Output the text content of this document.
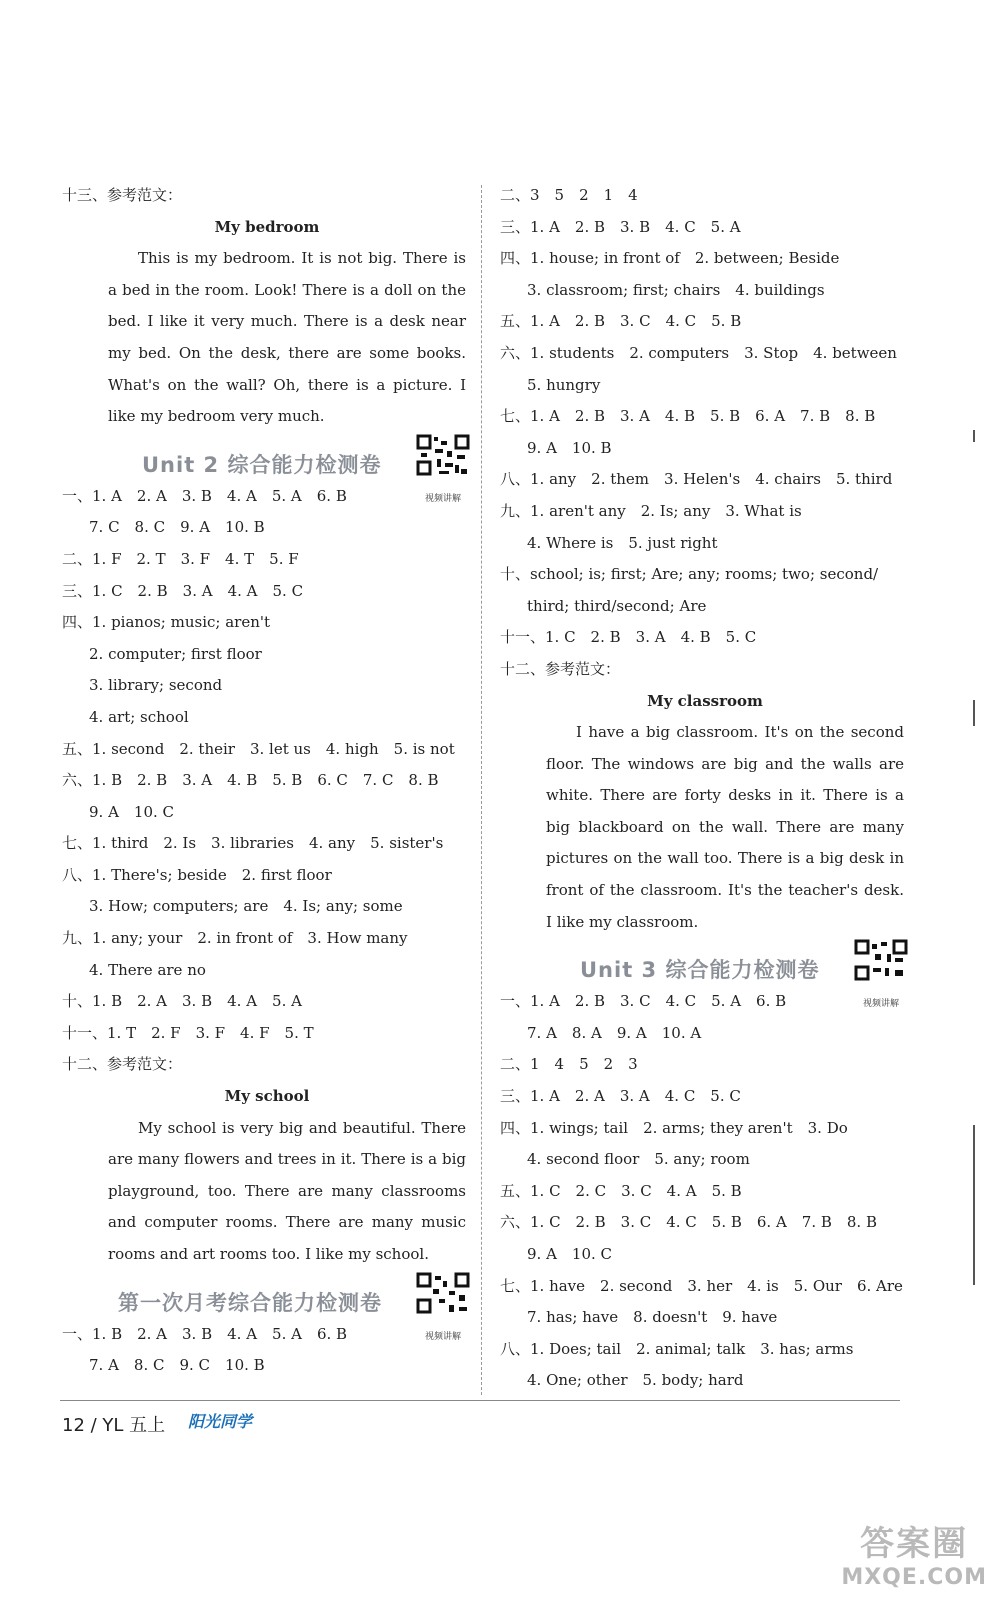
十三、参考范文：
My bedroom
This is my bedroom. It is not big. There is a bed in the room. Look! There is a doll on the bed. I like it very much. There is a desk near my bed. On the desk, there are some books. What's on the wall? Oh, there is a picture. I like my bedroom very much.
Unit 2 综合能力检测卷
视频讲解
一、1. A　2. A　3. B　4. A　5. A　6. B
7. C　8. C　9. A　10. B
二、1. F　2. T　3. F　4. T　5. F
三、1. C　2. B　3. A　4. A　5. C
四、1. pianos; music; aren't
2. computer; first floor
3. library; second
4. art; school
五、1. second　2. their　3. let us　4. high　5. is not
六、1. B　2. B　3. A　4. B　5. B　6. C　7. C　8. B
9. A　10. C
七、1. third　2. Is　3. libraries　4. any　5. sister's
八、1. There's; beside　2. first floor
3. How; computers; are　4. Is; any; some
九、1. any; your　2. in front of　3. How many
4. There are no
十、1. B　2. A　3. B　4. A　5. A
十一、1. T　2. F　3. F　4. F　5. T
十二、参考范文：
My school
My school is very big and beautiful. There are many flowers and trees in it. There is a big playground, too. There are many classrooms and computer rooms. There are many music rooms and art rooms too. I like my school.
第一次月考综合能力检测卷
视频讲解
一、1. B　2. A　3. B　4. A　5. A　6. B
7. A　8. C　9. C　10. B
二、3　5　2　1　4
三、1. A　2. B　3. B　4. C　5. A
四、1. house; in front of　2. between; Beside
3. classroom; first; chairs　4. buildings
五、1. A　2. B　3. C　4. C　5. B
六、1. students　2. computers　3. Stop　4. between
5. hungry
七、1. A　2. B　3. A　4. B　5. B　6. A　7. B　8. B
9. A　10. B
八、1. any　2. them　3. Helen's　4. chairs　5. third
九、1. aren't any　2. Is; any　3. What is
4. Where is　5. just right
十、school; is; first; Are; any; rooms; two; second/
third; third/second; Are
十一、1. C　2. B　3. A　4. B　5. C
十二、参考范文：
My classroom
I have a big classroom. It's on the second floor. The windows are big and the walls are white. There are forty desks in it. There is a big blackboard on the wall. There are many pictures on the wall too. There is a big desk in front of the classroom. It's the teacher's desk. I like my classroom.
Unit 3 综合能力检测卷
视频讲解
一、1. A　2. B　3. C　4. C　5. A　6. B
7. A　8. A　9. A　10. A
二、1　4　5　2　3
三、1. A　2. A　3. A　4. C　5. C
四、1. wings; tail　2. arms; they aren't　3. Do
4. second floor　5. any; room
五、1. C　2. C　3. C　4. A　5. B
六、1. C　2. B　3. C　4. C　5. B　6. A　7. B　8. B
9. A　10. C
七、1. have　2. second　3. her　4. is　5. Our　6. Are
7. has; have　8. doesn't　9. have
八、1. Does; tail　2. animal; talk　3. has; arms
4. One; other　5. body; hard
12 / YL 五上 阳光同学
答案圈
MXQE.COM
